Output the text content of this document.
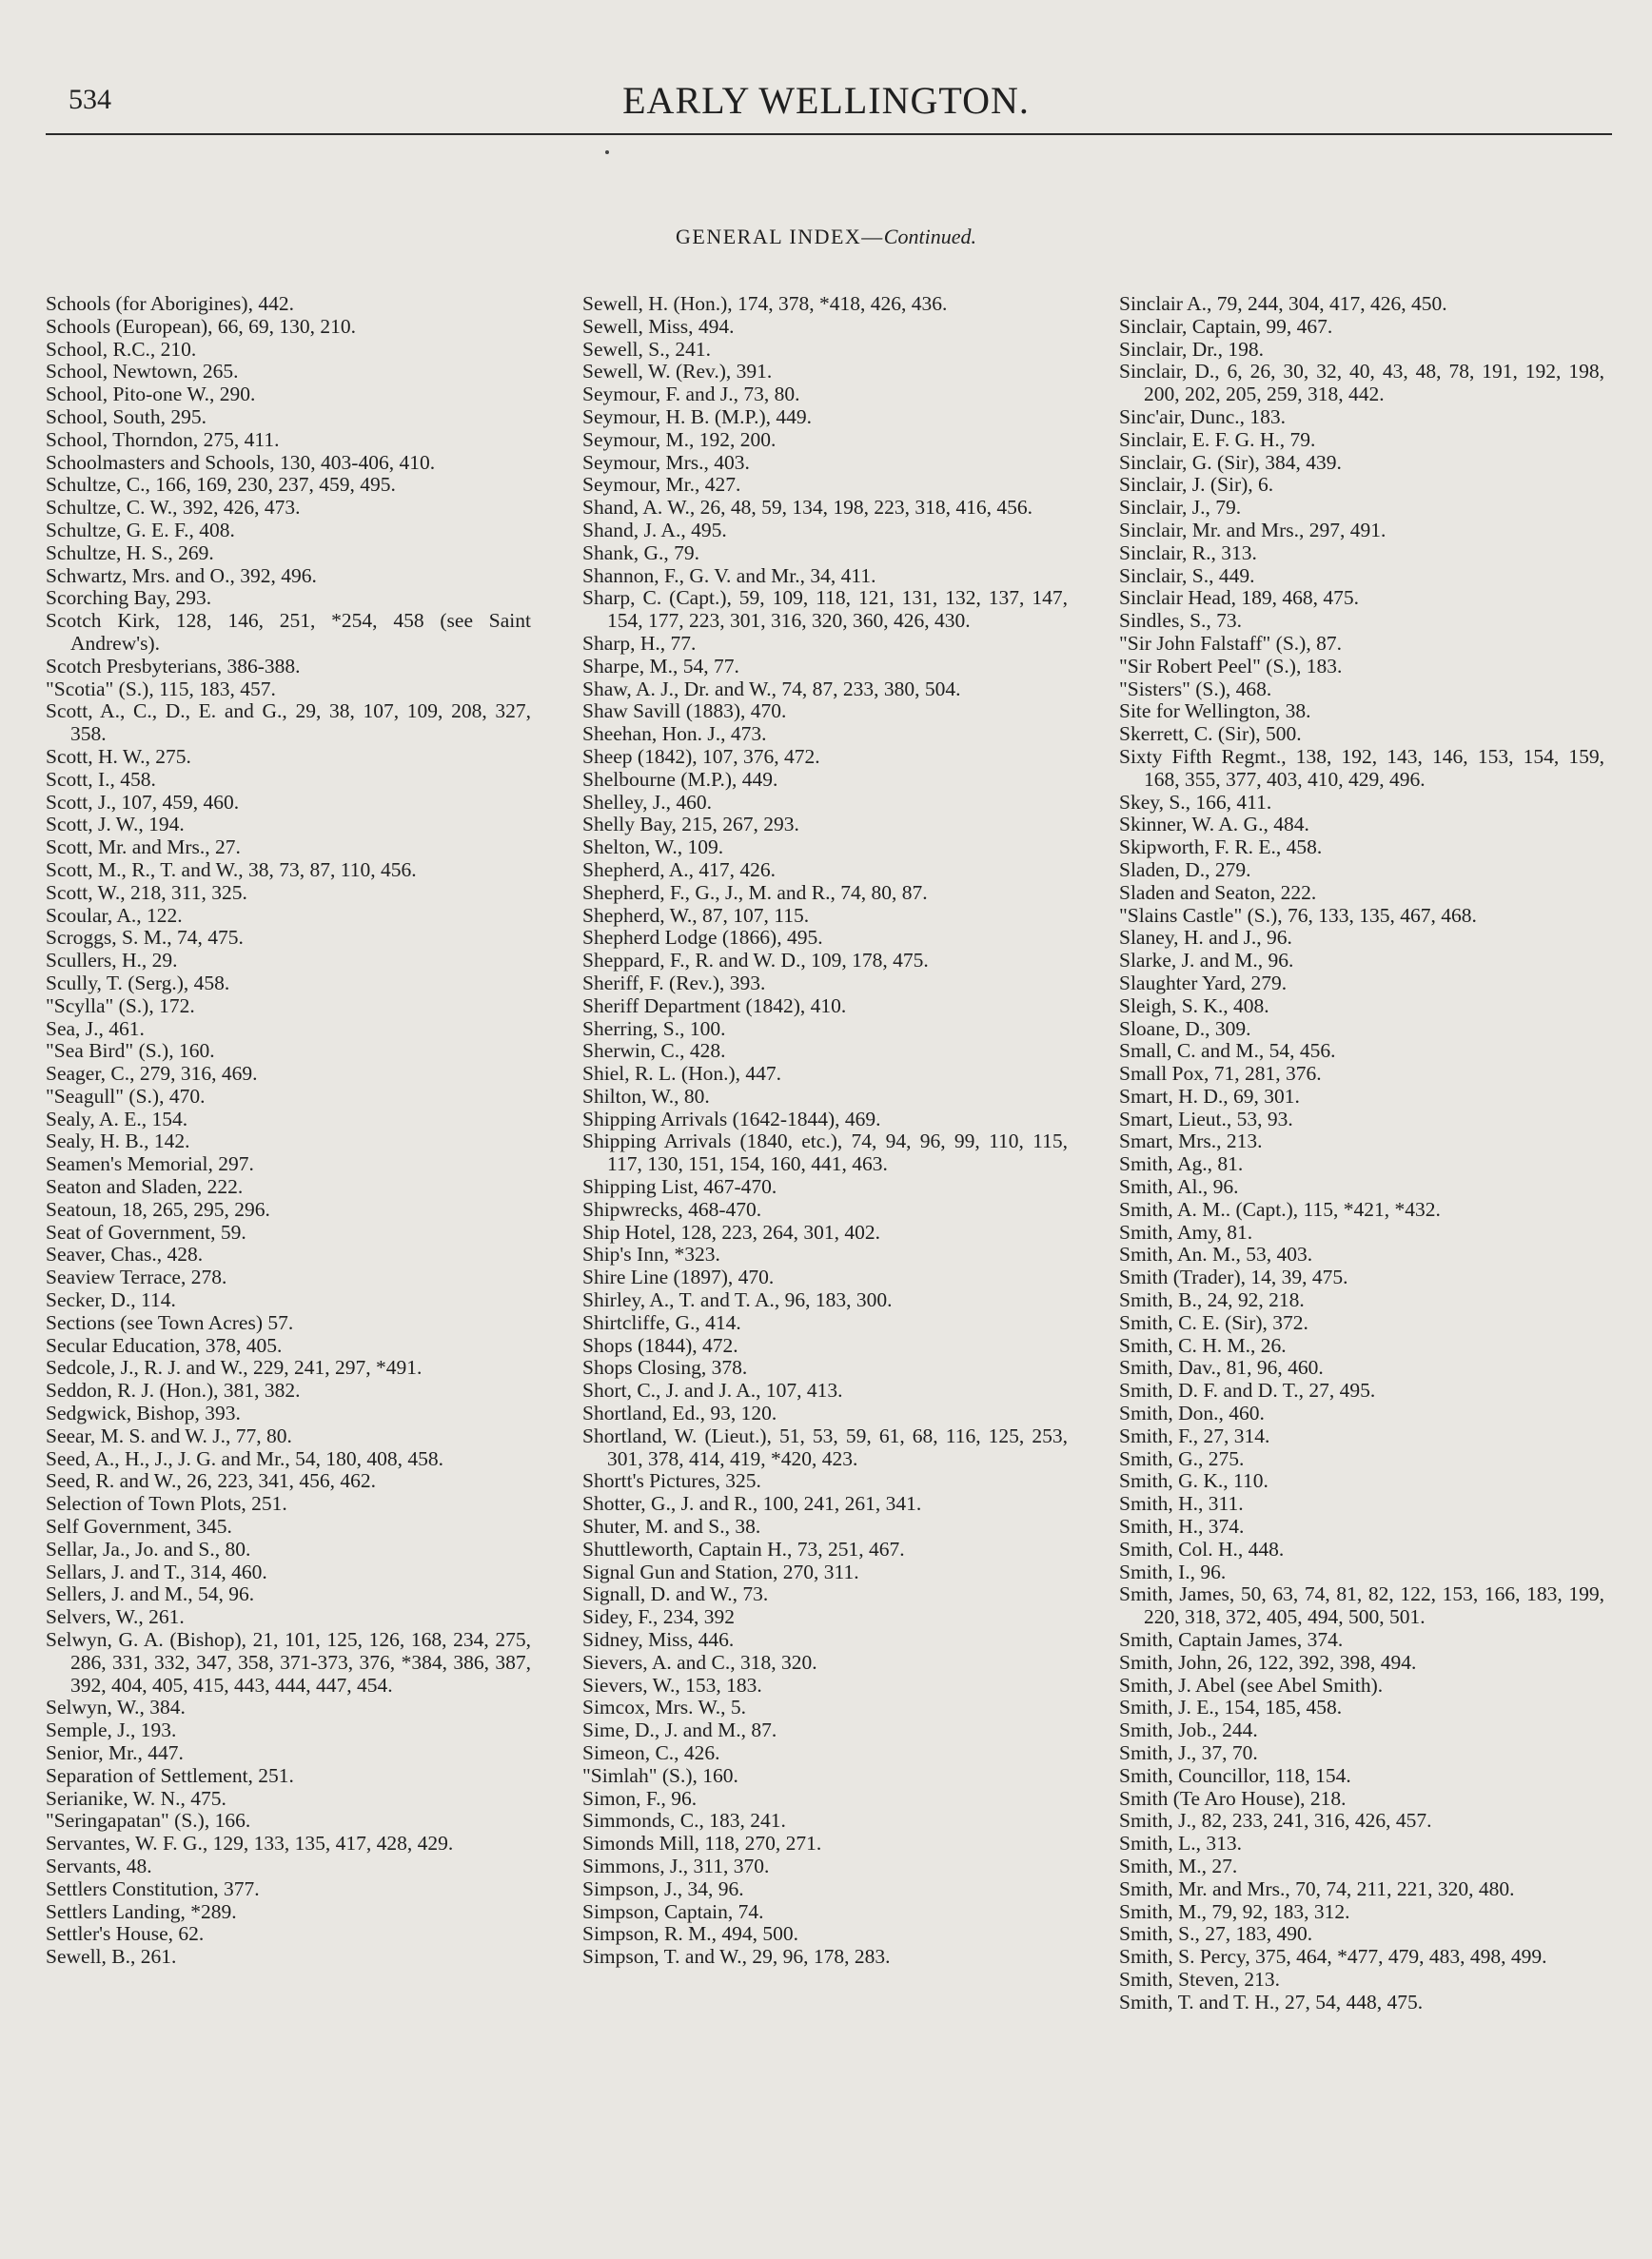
534	EARLY WELLINGTON.
GENERAL INDEX—Continued.
Schools (for Aborigines), 442.
Schools (European), 66, 69, 130, 210.
School, R.C., 210.
School, Newtown, 265.
School, Pito-one W., 290.
School, South, 295.
School, Thorndon, 275, 411.
Schoolmasters and Schools, 130, 403-406, 410.
Schultze, C., 166, 169, 230, 237, 459, 495.
Schultze, C. W., 392, 426, 473.
Schultze, G. E. F., 408.
Schultze, H. S., 269.
Schwartz, Mrs. and O., 392, 496.
Scorching Bay, 293.
Scotch Kirk, 128, 146, 251, *254, 458 (see Saint Andrew's).
Scotch Presbyterians, 386-388.
"Scotia" (S.), 115, 183, 457.
Scott, A., C., D., E. and G., 29, 38, 107, 109, 208, 327, 358.
Scott, H. W., 275.
Scott, I., 458.
Scott, J., 107, 459, 460.
Scott, J. W., 194.
Scott, Mr. and Mrs., 27.
Scott, M., R., T. and W., 38, 73, 87, 110, 456.
Scott, W., 218, 311, 325.
Scoular, A., 122.
Scroggs, S. M., 74, 475.
Scullers, H., 29.
Scully, T. (Serg.), 458.
"Scylla" (S.), 172.
Sea, J., 461.
"Sea Bird" (S.), 160.
Seager, C., 279, 316, 469.
"Seagull" (S.), 470.
Sealy, A. E., 154.
Sealy, H. B., 142.
Seamen's Memorial, 297.
Seaton and Sladen, 222.
Seatoun, 18, 265, 295, 296.
Seat of Government, 59.
Seaver, Chas., 428.
Seaview Terrace, 278.
Secker, D., 114.
Sections (see Town Acres) 57.
Secular Education, 378, 405.
Sedcole, J., R. J. and W., 229, 241, 297, *491.
Seddon, R. J. (Hon.), 381, 382.
Sedgwick, Bishop, 393.
Seear, M. S. and W. J., 77, 80.
Seed, A., H., J., J. G. and Mr., 54, 180, 408, 458.
Seed, R. and W., 26, 223, 341, 456, 462.
Selection of Town Plots, 251.
Self Government, 345.
Sellar, Ja., Jo. and S., 80.
Sellars, J. and T., 314, 460.
Sellers, J. and M., 54, 96.
Selvers, W., 261.
Selwyn, G. A. (Bishop), 21, 101, 125, 126, 168, 234, 275, 286, 331, 332, 347, 358, 371-373, 376, *384, 386, 387, 392, 404, 405, 415, 443, 444, 447, 454.
Selwyn, W., 384.
Semple, J., 193.
Senior, Mr., 447.
Separation of Settlement, 251.
Serianike, W. N., 475.
"Seringapatan" (S.), 166.
Servantes, W. F. G., 129, 133, 135, 417, 428, 429.
Servants, 48.
Settlers Constitution, 377.
Settlers Landing, *289.
Settler's House, 62.
Sewell, B., 261.
Sewell, H. (Hon.), 174, 378, *418, 426, 436.
Sewell, Miss, 494.
Sewell, S., 241.
Sewell, W. (Rev.), 391.
Seymour, F. and J., 73, 80.
Seymour, H. B. (M.P.), 449.
Seymour, M., 192, 200.
Seymour, Mrs., 403.
Seymour, Mr., 427.
Shand, A. W., 26, 48, 59, 134, 198, 223, 318, 416, 456.
Shand, J. A., 495.
Shank, G., 79.
Shannon, F., G. V. and Mr., 34, 411.
Sharp, C. (Capt.), 59, 109, 118, 121, 131, 132, 137, 147, 154, 177, 223, 301, 316, 320, 360, 426, 430.
Sharp, H., 77.
Sharpe, M., 54, 77.
Shaw, A. J., Dr. and W., 74, 87, 233, 380, 504.
Shaw Savill (1883), 470.
Sheehan, Hon. J., 473.
Sheep (1842), 107, 376, 472.
Shelbourne (M.P.), 449.
Shelley, J., 460.
Shelly Bay, 215, 267, 293.
Shelton, W., 109.
Shepherd, A., 417, 426.
Shepherd, F., G., J., M. and R., 74, 80, 87.
Shepherd, W., 87, 107, 115.
Shepherd Lodge (1866), 495.
Sheppard, F., R. and W. D., 109, 178, 475.
Sheriff, F. (Rev.), 393.
Sheriff Department (1842), 410.
Sherring, S., 100.
Sherwin, C., 428.
Shiel, R. L. (Hon.), 447.
Shilton, W., 80.
Shipping Arrivals (1642-1844), 469.
Shipping Arrivals (1840, etc.), 74, 94, 96, 99, 110, 115, 117, 130, 151, 154, 160, 441, 463.
Shipping List, 467-470.
Shipwrecks, 468-470.
Ship Hotel, 128, 223, 264, 301, 402.
Ship's Inn, *323.
Shire Line (1897), 470.
Shirley, A., T. and T. A., 96, 183, 300.
Shirtcliffe, G., 414.
Shops (1844), 472.
Shops Closing, 378.
Short, C., J. and J. A., 107, 413.
Shortland, Ed., 93, 120.
Shortland, W. (Lieut.), 51, 53, 59, 61, 68, 116, 125, 253, 301, 378, 414, 419, *420, 423.
Shortt's Pictures, 325.
Shotter, G., J. and R., 100, 241, 261, 341.
Shuter, M. and S., 38.
Shuttleworth, Captain H., 73, 251, 467.
Signal Gun and Station, 270, 311.
Signall, D. and W., 73.
Sidey, F., 234, 392
Sidney, Miss, 446.
Sievers, A. and C., 318, 320.
Sievers, W., 153, 183.
Simcox, Mrs. W., 5.
Sime, D., J. and M., 87.
Simeon, C., 426.
"Simlah" (S.), 160.
Simon, F., 96.
Simmonds, C., 183, 241.
Simonds Mill, 118, 270, 271.
Simmons, J., 311, 370.
Simpson, J., 34, 96.
Simpson, Captain, 74.
Simpson, R. M., 494, 500.
Simpson, T. and W., 29, 96, 178, 283.
Sinclair A., 79, 244, 304, 417, 426, 450.
Sinclair, Captain, 99, 467.
Sinclair, Dr., 198.
Sinclair, D., 6, 26, 30, 32, 40, 43, 48, 78, 191, 192, 198, 200, 202, 205, 259, 318, 442.
Sinc'air, Dunc., 183.
Sinclair, E. F. G. H., 79.
Sinclair, G. (Sir), 384, 439.
Sinclair, J. (Sir), 6.
Sinclair, J., 79.
Sinclair, Mr. and Mrs., 297, 491.
Sinclair, R., 313.
Sinclair, S., 449.
Sinclair Head, 189, 468, 475.
Sindles, S., 73.
"Sir John Falstaff" (S.), 87.
"Sir Robert Peel" (S.), 183.
"Sisters" (S.), 468.
Site for Wellington, 38.
Skerrett, C. (Sir), 500.
Sixty Fifth Regmt., 138, 192, 143, 146, 153, 154, 159, 168, 355, 377, 403, 410, 429, 496.
Skey, S., 166, 411.
Skinner, W. A. G., 484.
Skipworth, F. R. E., 458.
Sladen, D., 279.
Sladen and Seaton, 222.
"Slains Castle" (S.), 76, 133, 135, 467, 468.
Slaney, H. and J., 96.
Slarke, J. and M., 96.
Slaughter Yard, 279.
Sleigh, S. K., 408.
Sloane, D., 309.
Small, C. and M., 54, 456.
Small Pox, 71, 281, 376.
Smart, H. D., 69, 301.
Smart, Lieut., 53, 93.
Smart, Mrs., 213.
Smith, Ag., 81.
Smith, Al., 96.
Smith, A. M.. (Capt.), 115, *421, *432.
Smith, Amy, 81.
Smith, An. M., 53, 403.
Smith (Trader), 14, 39, 475.
Smith, B., 24, 92, 218.
Smith, C. E. (Sir), 372.
Smith, C. H. M., 26.
Smith, Dav., 81, 96, 460.
Smith, D. F. and D. T., 27, 495.
Smith, Don., 460.
Smith, F., 27, 314.
Smith, G., 275.
Smith, G. K., 110.
Smith, H., 311.
Smith, H., 374.
Smith, Col. H., 448.
Smith, I., 96.
Smith, James, 50, 63, 74, 81, 82, 122, 153, 166, 183, 199, 220, 318, 372, 405, 494, 500, 501.
Smith, Captain James, 374.
Smith, John, 26, 122, 392, 398, 494.
Smith, J. Abel (see Abel Smith).
Smith, J. E., 154, 185, 458.
Smith, Job., 244.
Smith, J., 37, 70.
Smith, Councillor, 118, 154.
Smith (Te Aro House), 218.
Smith, J., 82, 233, 241, 316, 426, 457.
Smith, L., 313.
Smith, M., 27.
Smith, Mr. and Mrs., 70, 74, 211, 221, 320, 480.
Smith, M., 79, 92, 183, 312.
Smith, S., 27, 183, 490.
Smith, S. Percy, 375, 464, *477, 479, 483, 498, 499.
Smith, Steven, 213.
Smith, T. and T. H., 27, 54, 448, 475.
